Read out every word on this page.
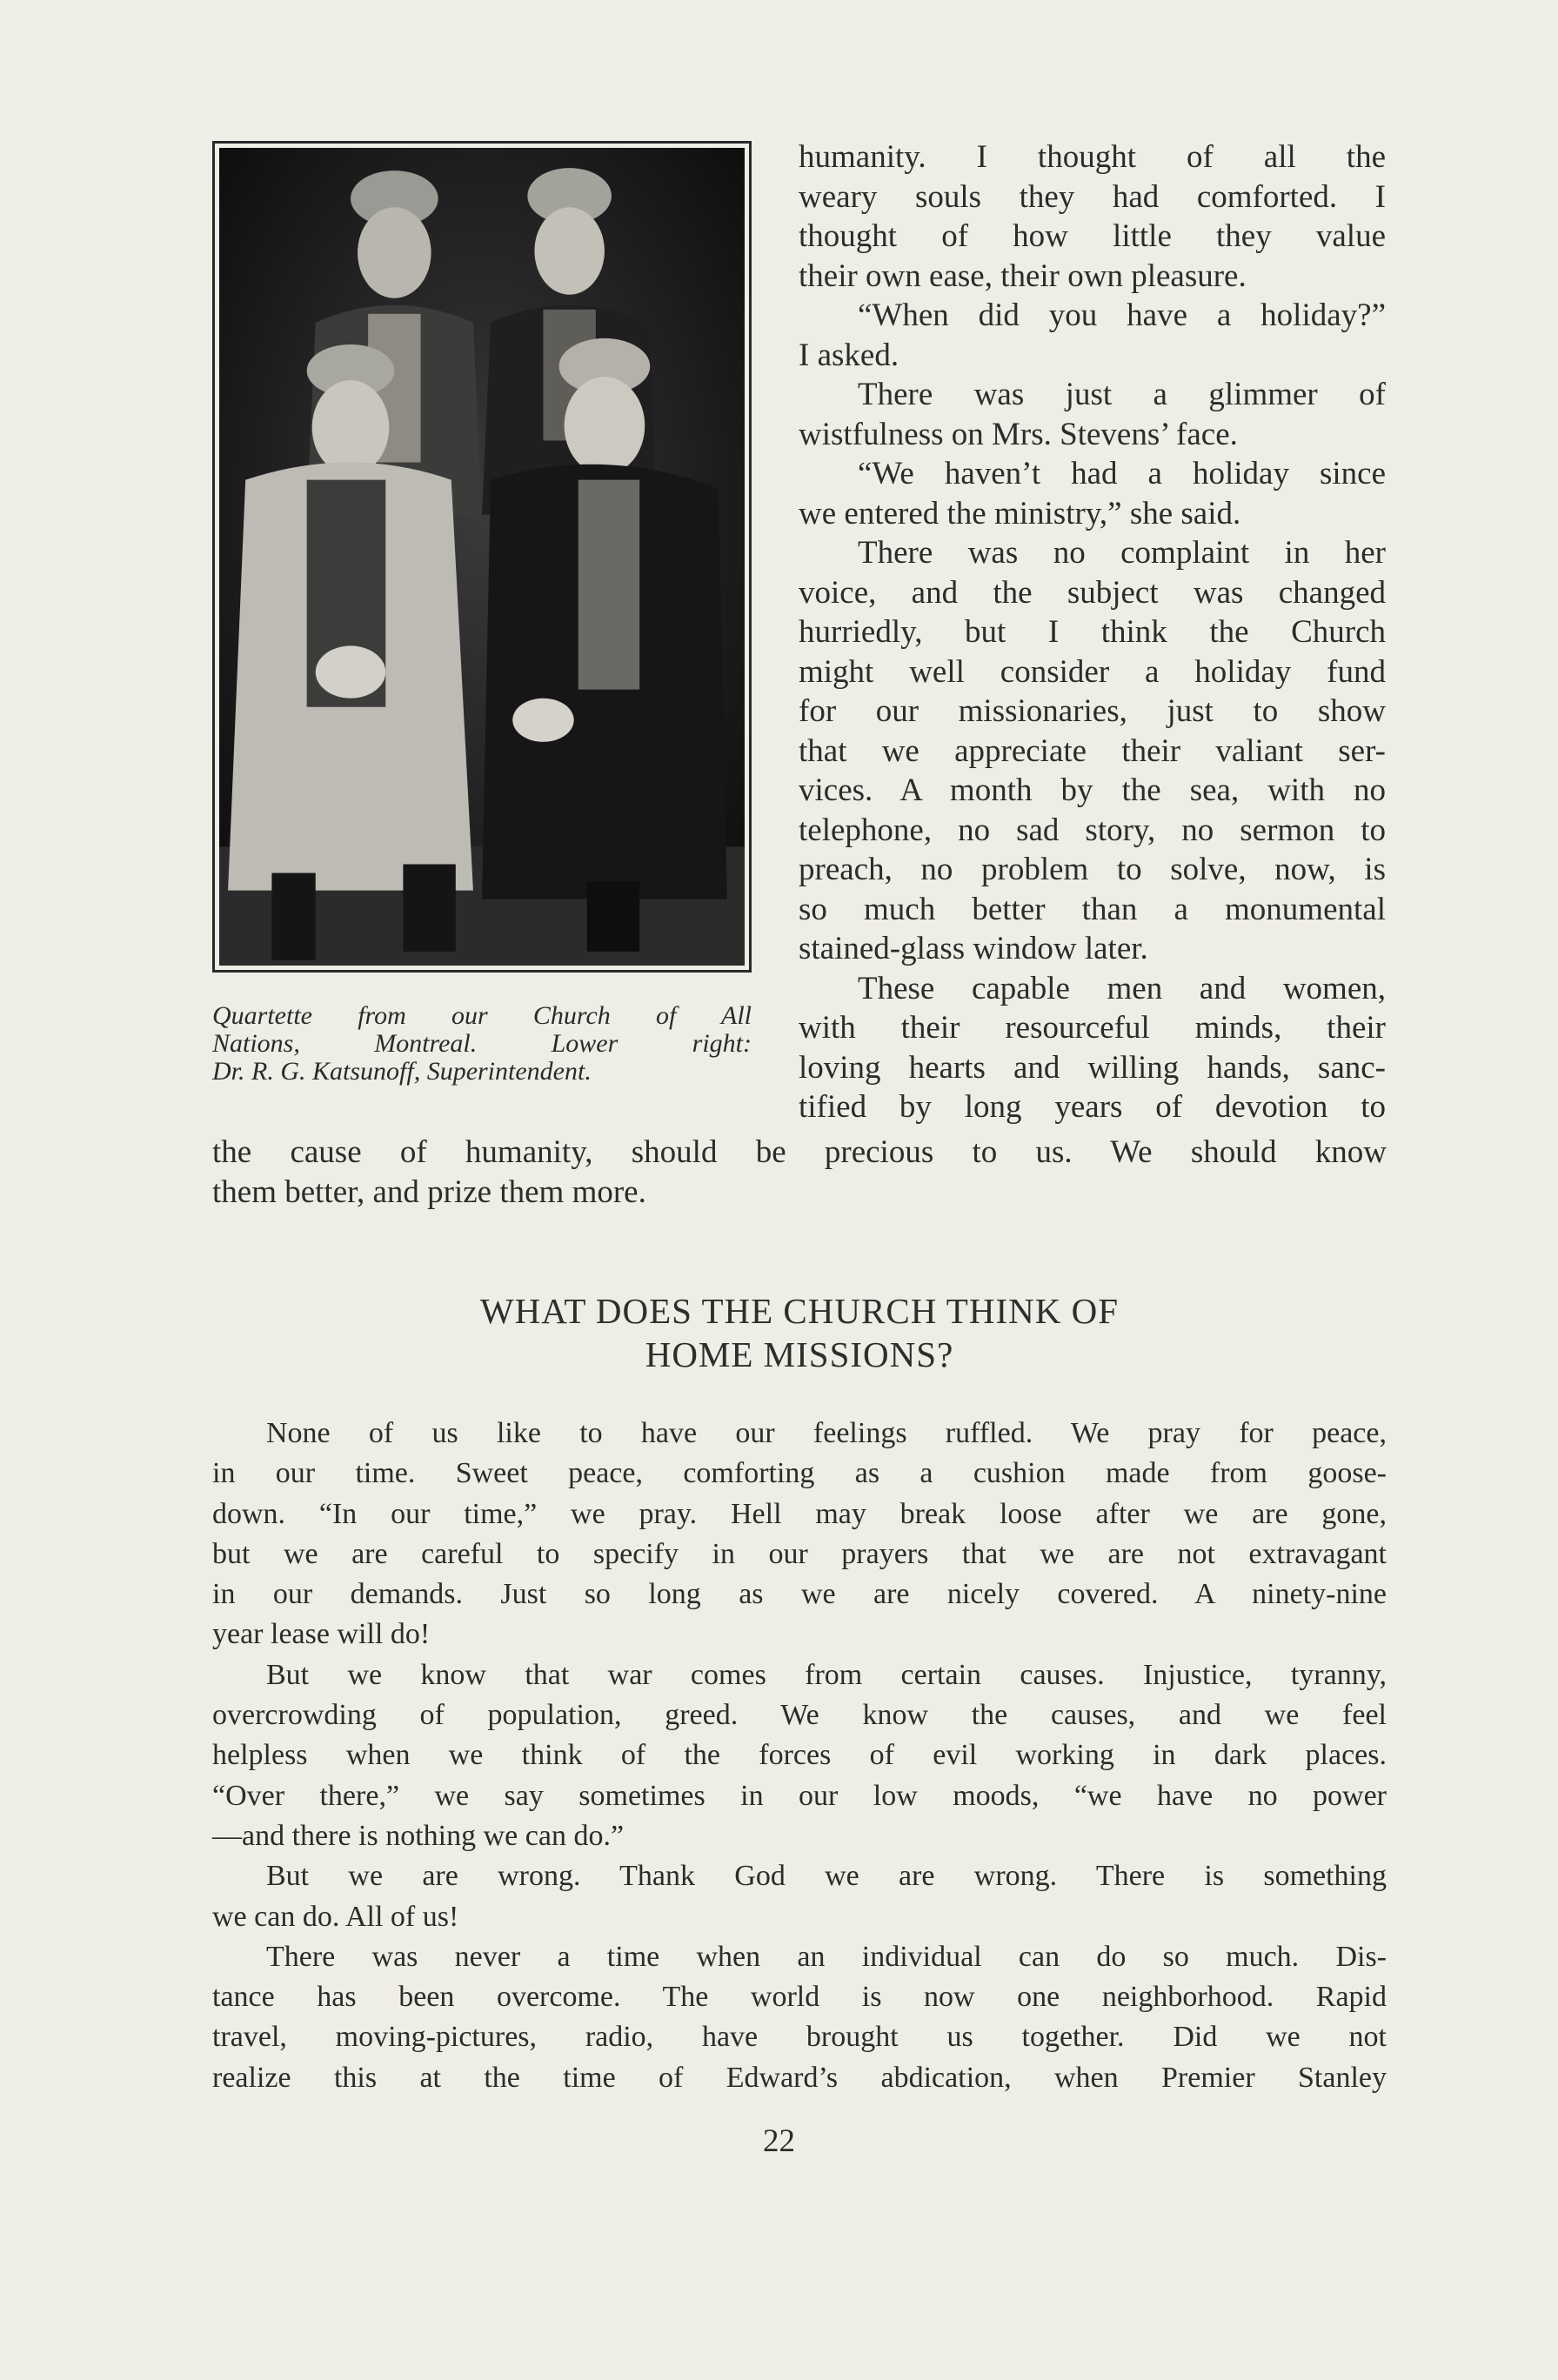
Quartette from our Church of All

Nations, Montreal. Lower right:

Dr. R. G. Katsunoff, Superintendent.

humanity. I thought of all the
weary souls they had comforted. I
thought of how little they value
their own ease, their own pleasure.
“When did you have a holiday?”
I asked.
There was just a glimmer of
wistfulness on Mrs. Stevens’ face.
“We haven’t had a holiday since
we entered the ministry,” she said.
There was no complaint in her
voice, and the subject was changed
hurriedly, but I think the Church
might well consider a holiday fund
for our missionaries, just to show
that we appreciate their valiant ser-
vices. A month by the sea, with no
telephone, no sad story, no sermon to
preach, no problem to solve, now, is
so much better than a monumental
stained-glass window later.
These capable men and women,
with their resourceful minds, their
loving hearts and willing hands, sanc-
tified by long years of devotion to
the cause of humanity, should be precious to us. We should know
them better, and prize them more.
WHAT DOES THE CHURCH THINK OF
HOME MISSIONS?
None of us like to have our feelings ruffled. We pray for peace,
in our time. Sweet peace, comforting as a cushion made from goose-
down. “In our time,” we pray. Hell may break loose after we are gone,
but we are careful to specify in our prayers that we are not extravagant
in our demands. Just so long as we are nicely covered. A ninety-nine
year lease will do!
But we know that war comes from certain causes. Injustice, tyranny,
overcrowding of population, greed. We know the causes, and we feel
helpless when we think of the forces of evil working in dark places.
“Over there,” we say sometimes in our low moods, “we have no power
—and there is nothing we can do.”
But we are wrong. Thank God we are wrong. There is something
we can do. All of us!
There was never a time when an individual can do so much. Dis-
tance has been overcome. The world is now one neighborhood. Rapid
travel, moving-pictures, radio, have brought us together. Did we not
realize this at the time of Edward’s abdication, when Premier Stanley
22
